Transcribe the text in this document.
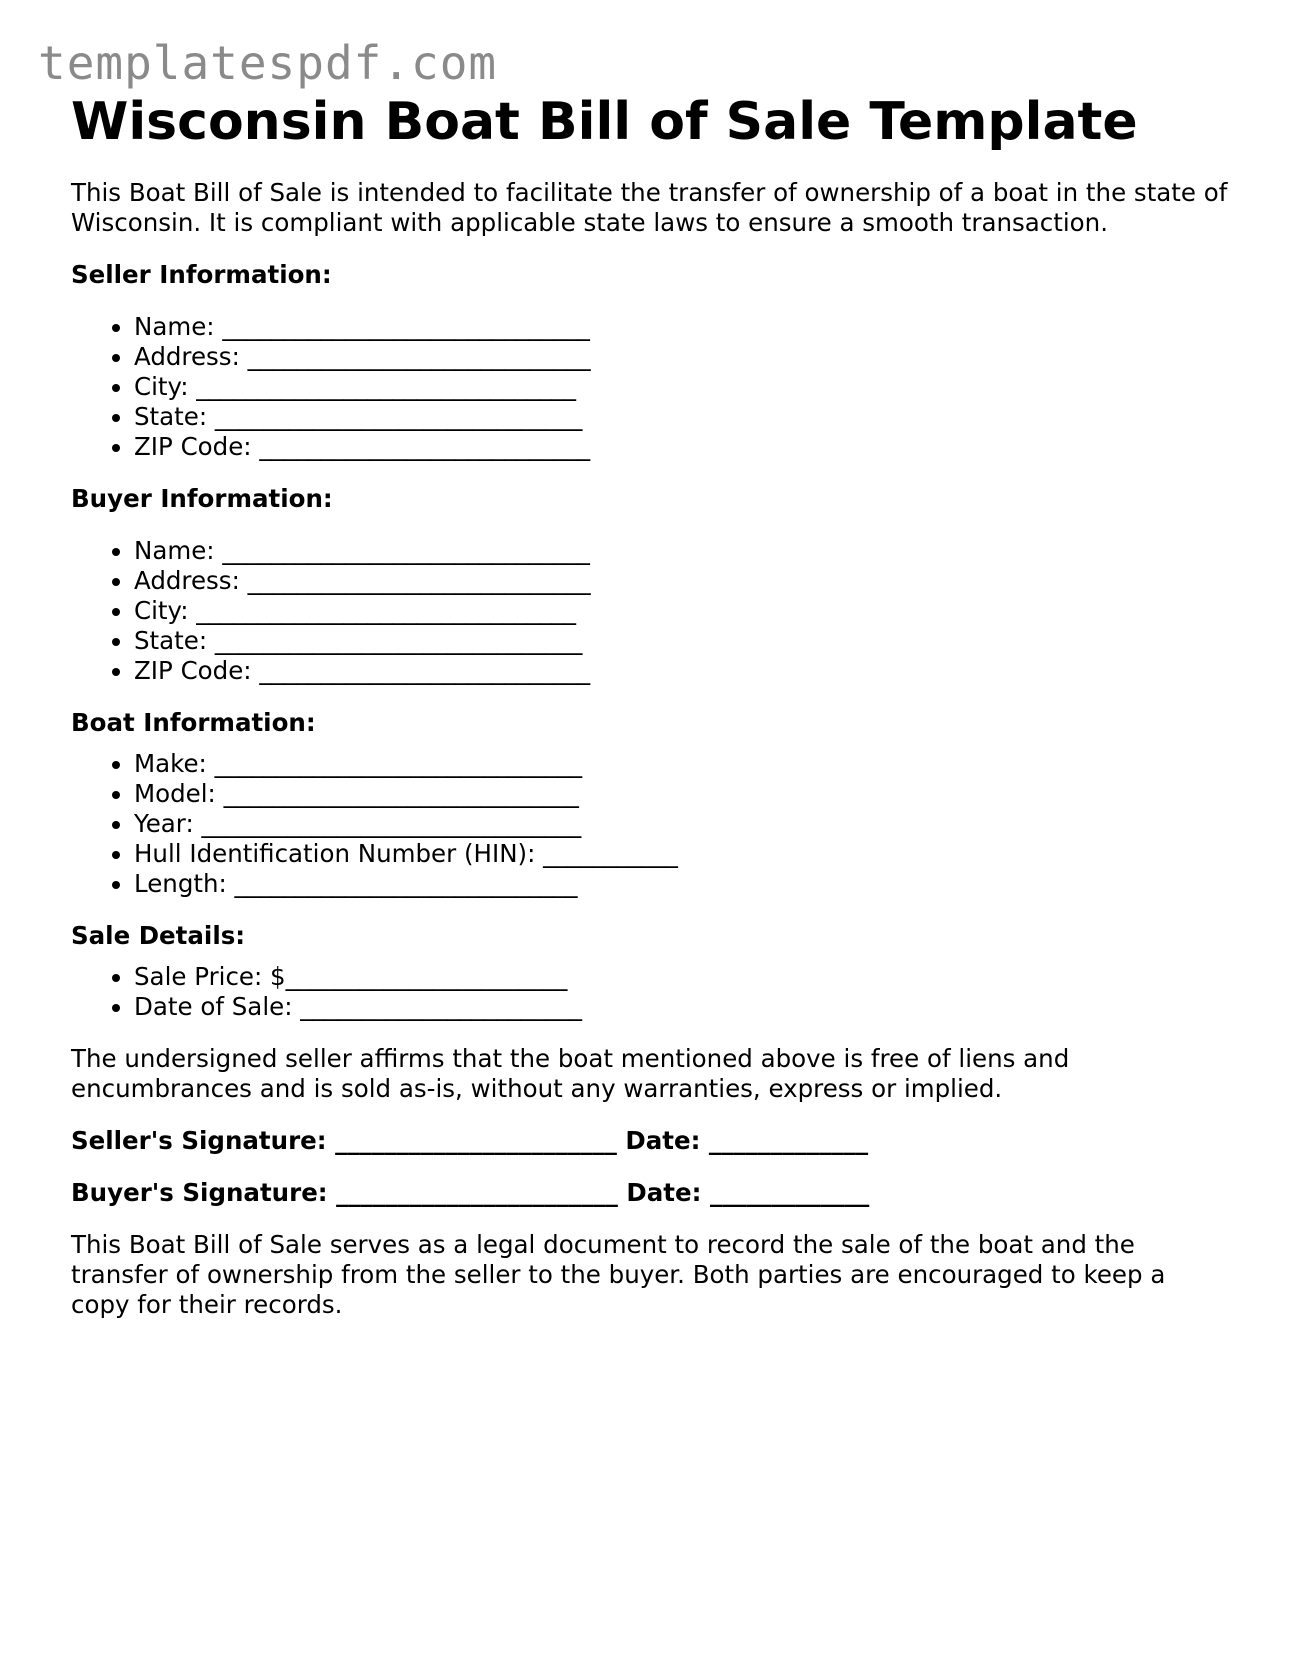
templatespdf.com
Wisconsin Boat Bill of Sale Template

This Boat Bill of Sale is intended to facilitate the transfer of ownership of a boat in the state of Wisconsin. It is compliant with applicable state laws to ensure a smooth transaction.

Seller Information:

• Name: ______________________________
• Address: ____________________________
• City: _______________________________
• State: ______________________________
• ZIP Code: ___________________________

Buyer Information:

• Name: ______________________________
• Address: ____________________________
• City: _______________________________
• State: ______________________________
• ZIP Code: ___________________________

Boat Information:

• Make: ______________________________
• Model: _____________________________
• Year: _______________________________
• Hull Identification Number (HIN): ___________
• Length: ____________________________

Sale Details:

• Sale Price: $_______________________
• Date of Sale: _______________________

The undersigned seller affirms that the boat mentioned above is free of liens and encumbrances and is sold as-is, without any warranties, express or implied.

Seller's Signature: _______________________ Date: _____________

Buyer's Signature: _______________________ Date: _____________

This Boat Bill of Sale serves as a legal document to record the sale of the boat and the transfer of ownership from the seller to the buyer. Both parties are encouraged to keep a copy for their records.
